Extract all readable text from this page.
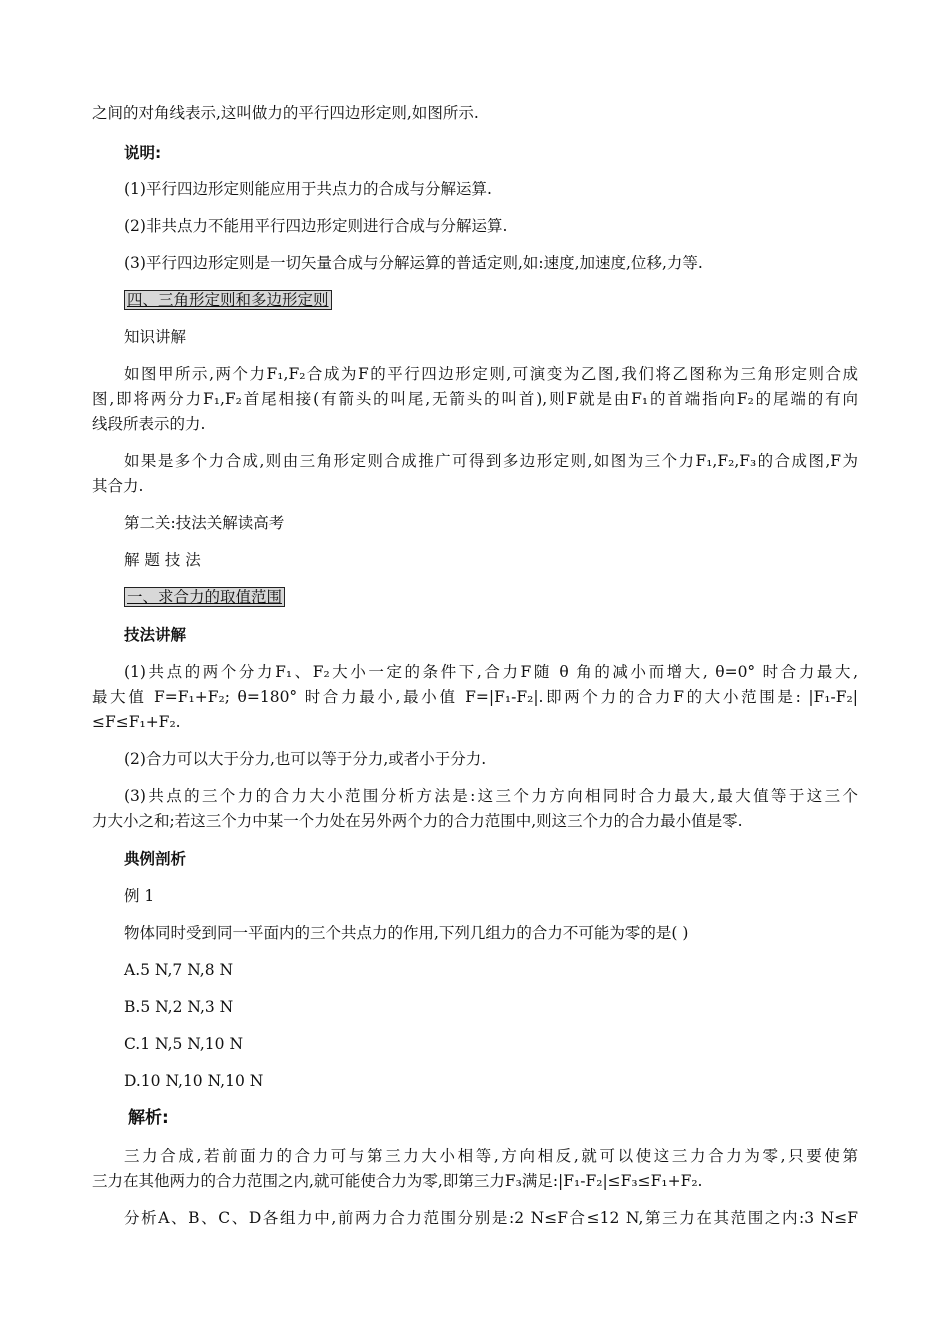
之间的对角线表示,这叫做力的平行四边形定则,如图所示.
说明:
(1)平行四边形定则能应用于共点力的合成与分解运算.
(2)非共点力不能用平行四边形定则进行合成与分解运算.
(3)平行四边形定则是一切矢量合成与分解运算的普适定则,如:速度,加速度,位移,力等.
四、三角形定则和多边形定则
知识讲解
如图甲所示,两个力F₁,F₂合成为F的平行四边形定则,可演变为乙图,我们将乙图称为三角形定则合成
图,即将两分力F₁,F₂首尾相接(有箭头的叫尾,无箭头的叫首),则F就是由F₁的首端指向F₂的尾端的有向
线段所表示的力.
如果是多个力合成,则由三角形定则合成推广可得到多边形定则,如图为三个力F₁,F₂,F₃的合成图,F为
其合力.
第二关:技法关解读高考
解 题 技 法
一、求合力的取值范围
技法讲解
(1)共点的两个分力F₁、F₂大小一定的条件下,合力F随 θ 角的减小而增大, θ=0° 时合力最大,
最大值 F=F₁+F₂; θ=180° 时合力最小,最小值 F=|F₁-F₂|.即两个力的合力F的大小范围是: |F₁-F₂|
≤F≤F₁+F₂.
(2)合力可以大于分力,也可以等于分力,或者小于分力.
(3)共点的三个力的合力大小范围分析方法是:这三个力方向相同时合力最大,最大值等于这三个
力大小之和;若这三个力中某一个力处在另外两个力的合力范围中,则这三个力的合力最小值是零.
典例剖析
例 1
物体同时受到同一平面内的三个共点力的作用,下列几组力的合力不可能为零的是( )
A.5 N,7 N,8 N
B.5 N,2 N,3 N
C.1 N,5 N,10 N
D.10 N,10 N,10 N
解析:
三力合成,若前面力的合力可与第三力大小相等,方向相反,就可以使这三力合力为零,只要使第
三力在其他两力的合力范围之内,就可能使合力为零,即第三力F₃满足:|F₁-F₂|≤F₃≤F₁+F₂.
分析A、B、C、D各组力中,前两力合力范围分别是:2 N≤F合≤12 N,第三力在其范围之内:3 N≤F
